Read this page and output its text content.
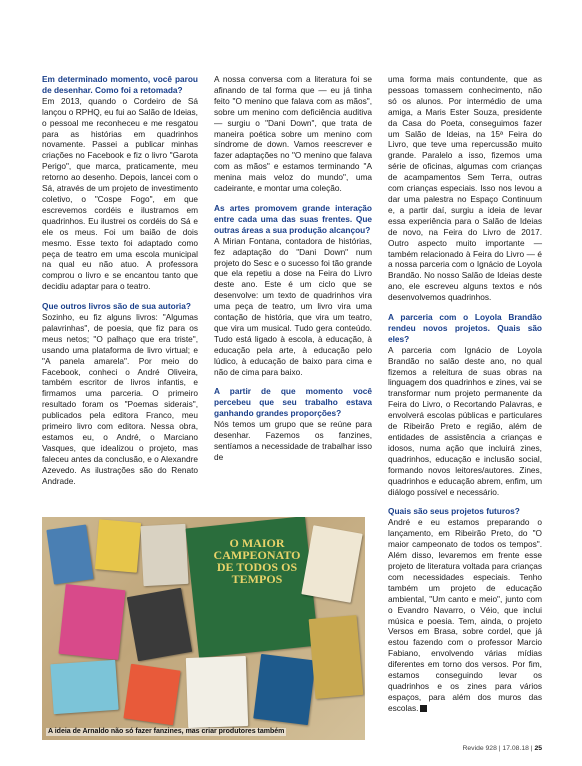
Em determinado momento, você parou de desenhar. Como foi a retomada?

Em 2013, quando o Cordeiro de Sá lançou o RPHQ, eu fui ao Salão de Ideias, o pessoal me reconheceu e me resgatou para as histórias em quadrinhos novamente. Passei a publicar minhas criações no Facebook e fiz o livro "Garota Perigo", que marca, praticamente, meu retorno ao desenho. Depois, lancei com o Sá, através de um projeto de investimento coletivo, o "Cospe Fogo", em que escrevemos cordéis e ilustramos em quadrinhos. Eu ilustrei os cordéis do Sá e ele os meus. Foi um baião de dois mesmo. Esse texto foi adaptado como peça de teatro em uma escola municipal na qual eu não atuo. A professora comprou o livro e se encantou tanto que decidiu adaptar para o teatro.

Que outros livros são de sua autoria?

Sozinho, eu fiz alguns livros: "Algumas palavrinhas", de poesia, que fiz para os meus netos; "O palhaço que era triste", usando uma plataforma de livro virtual; e "A panela amarela". Por meio do Facebook, conheci o André Oliveira, também escritor de livros infantis, e firmamos uma parceria. O primeiro resultado foram os "Poemas siderais", publicados pela editora Franco, meu primeiro livro com editora. Nessa obra, estamos eu, o André, o Marciano Vasques, que idealizou o projeto, mas faleceu antes da conclusão, e o Alexandre Azevedo. As ilustrações são do Renato Andrade.

A nossa conversa com a literatura foi se afinando de tal forma que — eu já tinha feito "O menino que falava com as mãos", sobre um menino com deficiência auditiva — surgiu o "Dani Down", que trata de maneira poética sobre um menino com síndrome de down. Vamos reescrever e fazer adaptações no "O menino que falava com as mãos" e estamos terminando "A menina mais veloz do mundo", uma cadeirante, e montar uma coleção.

As artes promovem grande interação entre cada uma das suas frentes. Que outras áreas a sua produção alcançou?

A Mirian Fontana, contadora de histórias, fez adaptação do "Dani Down" num projeto do Sesc e o sucesso foi tão grande que ela repetiu a dose na Feira do Livro deste ano. Este é um ciclo que se desenvolve: um texto de quadrinhos vira uma peça de teatro, um livro vira uma contação de história, que vira um teatro, que vira um musical. Tudo gera conteúdo. Tudo está ligado à escola, à educação, à educação pela arte, à educação pelo lúdico, à educação de baixo para cima e não de cima para baixo.

A partir de que momento você percebeu que seu trabalho estava ganhando grandes proporções?

Nós temos um grupo que se reúne para desenhar. Fazemos os fanzines, sentíamos a necessidade de trabalhar isso de

uma forma mais contundente, que as pessoas tomassem conhecimento, não só os alunos. Por intermédio de uma amiga, a Maris Ester Souza, presidente da Casa do Poeta, conseguimos fazer um Salão de Ideias, na 15ª Feira do Livro, que teve uma repercussão muito grande. Paralelo a isso, fizemos uma série de oficinas, algumas com crianças de acampamentos Sem Terra, outras com crianças especiais. Isso nos levou a dar uma palestra no Espaço Continuum e, a partir daí, surgiu a ideia de levar essa experiência para o Salão de Ideias de novo, na Feira do Livro de 2017. Outro aspecto muito importante — também relacionado à Feira do Livro — é a nossa parceria com o Ignácio de Loyola Brandão. No nosso Salão de Ideias deste ano, ele escreveu alguns textos e nós desenvolvemos quadrinhos.

A parceria com o Loyola Brandão rendeu novos projetos. Quais são eles?

A parceria com Ignácio de Loyola Brandão no salão deste ano, no qual fizemos a releitura de suas obras na linguagem dos quadrinhos e zines, vai se transformar num projeto permanente da Feira do Livro, o Recortando Palavras, e envolverá escolas públicas e particulares de Ribeirão Preto e região, além de entidades de assistência a crianças e idosos, numa ação que incluirá zines, quadrinhos, educação e inclusão social, formando novos leitores/autores. Zines, quadrinhos e educação abrem, enfim, um diálogo possível e necessário.

Quais são seus projetos futuros?

André e eu estamos preparando o lançamento, em Ribeirão Preto, do "O maior campeonato de todos os tempos". Além disso, levaremos em frente esse projeto de literatura voltada para crianças com necessidades especiais. Tenho também um projeto de educação ambiental, "Um canto e meio", junto com o Evandro Navarro, o Véio, que inclui música e poesia. Tem, ainda, o projeto Versos em Brasa, sobre cordel, que já estou fazendo com o professor Marcio Fabiano, envolvendo várias mídias diferentes em torno dos versos. Por fim, estamos conseguindo levar os quadrinhos e os zines para vários espaços, para além dos muros das escolas.

O MAIOR CAMPEONATO DE TODOS OS TEMPOS
A ideia de Arnaldo não só fazer fanzines, mas criar produtores também
Revide 928 | 17.08.18 | 25
